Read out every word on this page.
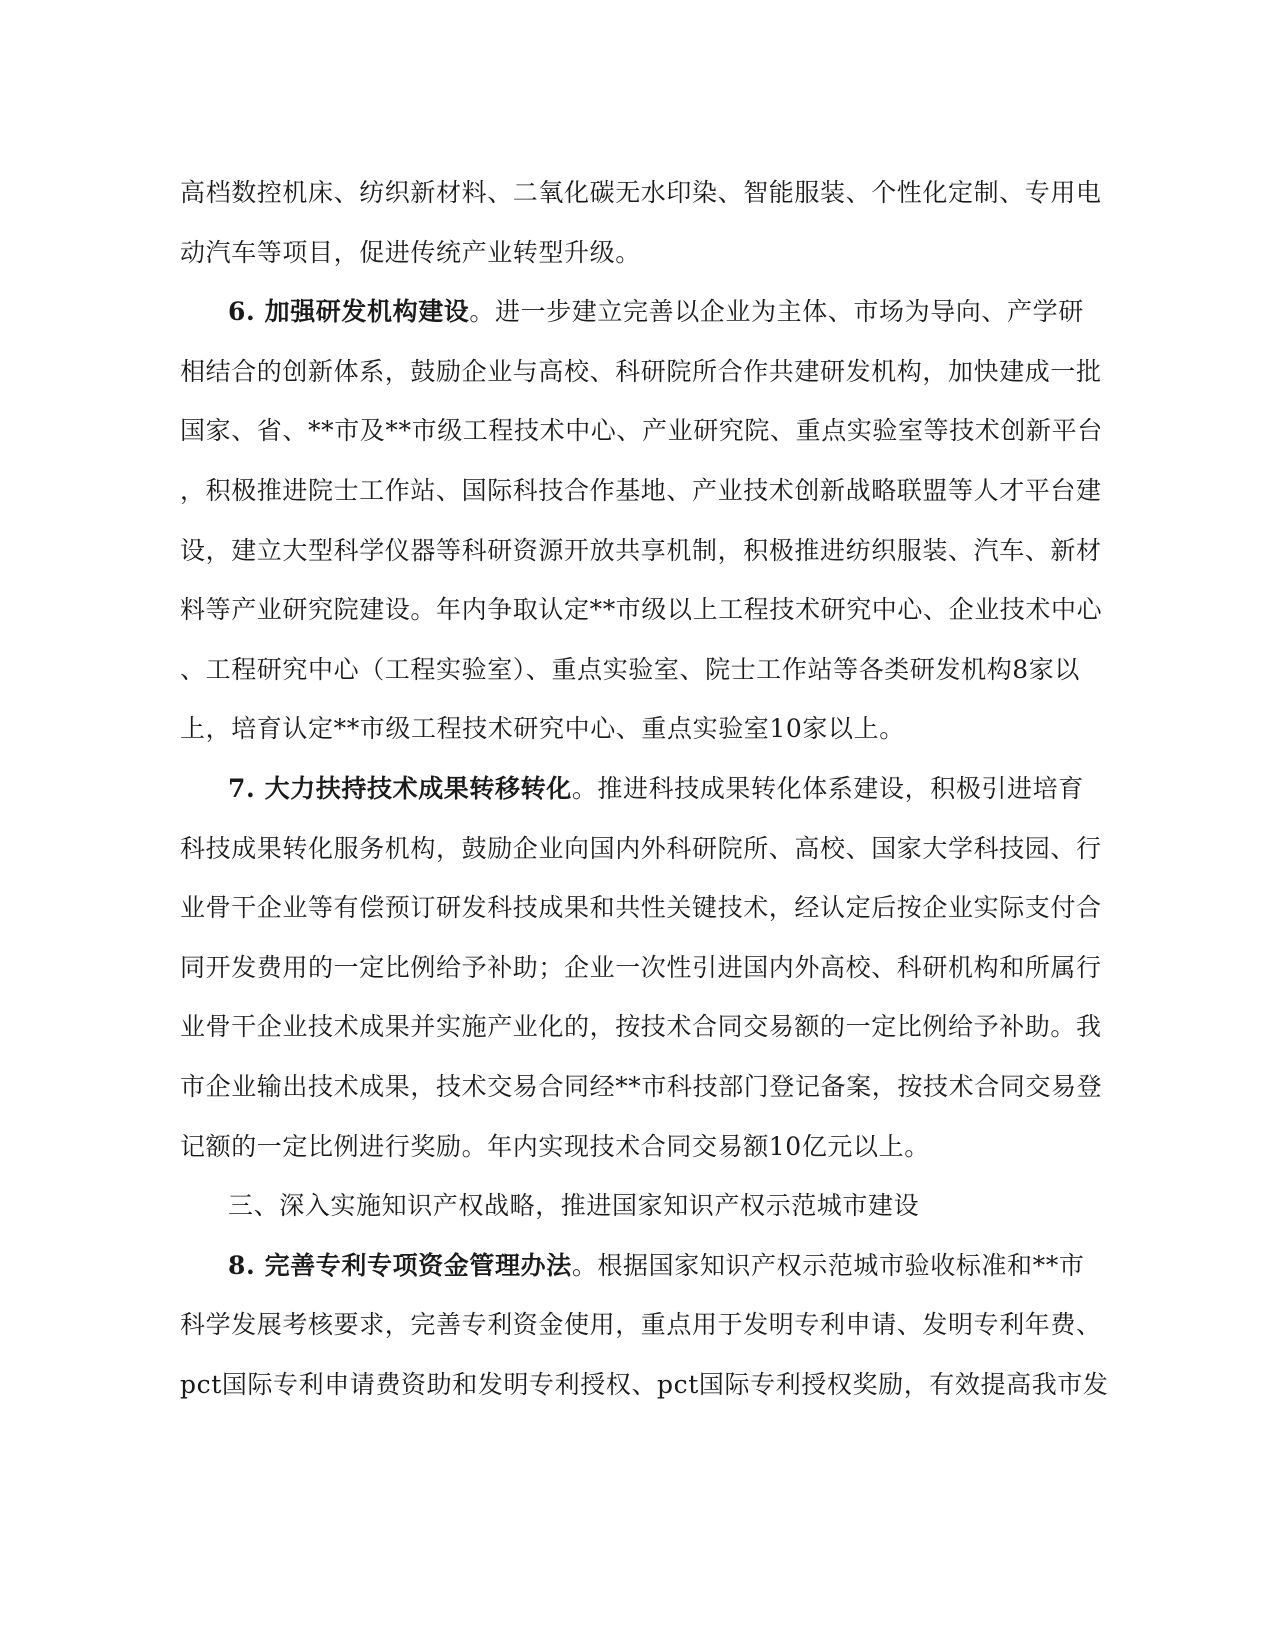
高档数控机床、纺织新材料、二氧化碳无水印染、智能服装、个性化定制、专用电
动汽车等项目，促进传统产业转型升级。
6. 加强研发机构建设。进一步建立完善以企业为主体、市场为导向、产学研
相结合的创新体系，鼓励企业与高校、科研院所合作共建研发机构，加快建成一批
国家、省、**市及**市级工程技术中心、产业研究院、重点实验室等技术创新平台
，积极推进院士工作站、国际科技合作基地、产业技术创新战略联盟等人才平台建
设，建立大型科学仪器等科研资源开放共享机制，积极推进纺织服装、汽车、新材
料等产业研究院建设。年内争取认定**市级以上工程技术研究中心、企业技术中心
、工程研究中心（工程实验室）、重点实验室、院士工作站等各类研发机构8家以
上，培育认定**市级工程技术研究中心、重点实验室10家以上。
7. 大力扶持技术成果转移转化。推进科技成果转化体系建设，积极引进培育
科技成果转化服务机构，鼓励企业向国内外科研院所、高校、国家大学科技园、行
业骨干企业等有偿预订研发科技成果和共性关键技术，经认定后按企业实际支付合
同开发费用的一定比例给予补助；企业一次性引进国内外高校、科研机构和所属行
业骨干企业技术成果并实施产业化的，按技术合同交易额的一定比例给予补助。我
市企业输出技术成果，技术交易合同经**市科技部门登记备案，按技术合同交易登
记额的一定比例进行奖励。年内实现技术合同交易额10亿元以上。
三、深入实施知识产权战略，推进国家知识产权示范城市建设
8. 完善专利专项资金管理办法。根据国家知识产权示范城市验收标准和**市
科学发展考核要求，完善专利资金使用，重点用于发明专利申请、发明专利年费、
pct国际专利申请费资助和发明专利授权、pct国际专利授权奖励，有效提高我市发
